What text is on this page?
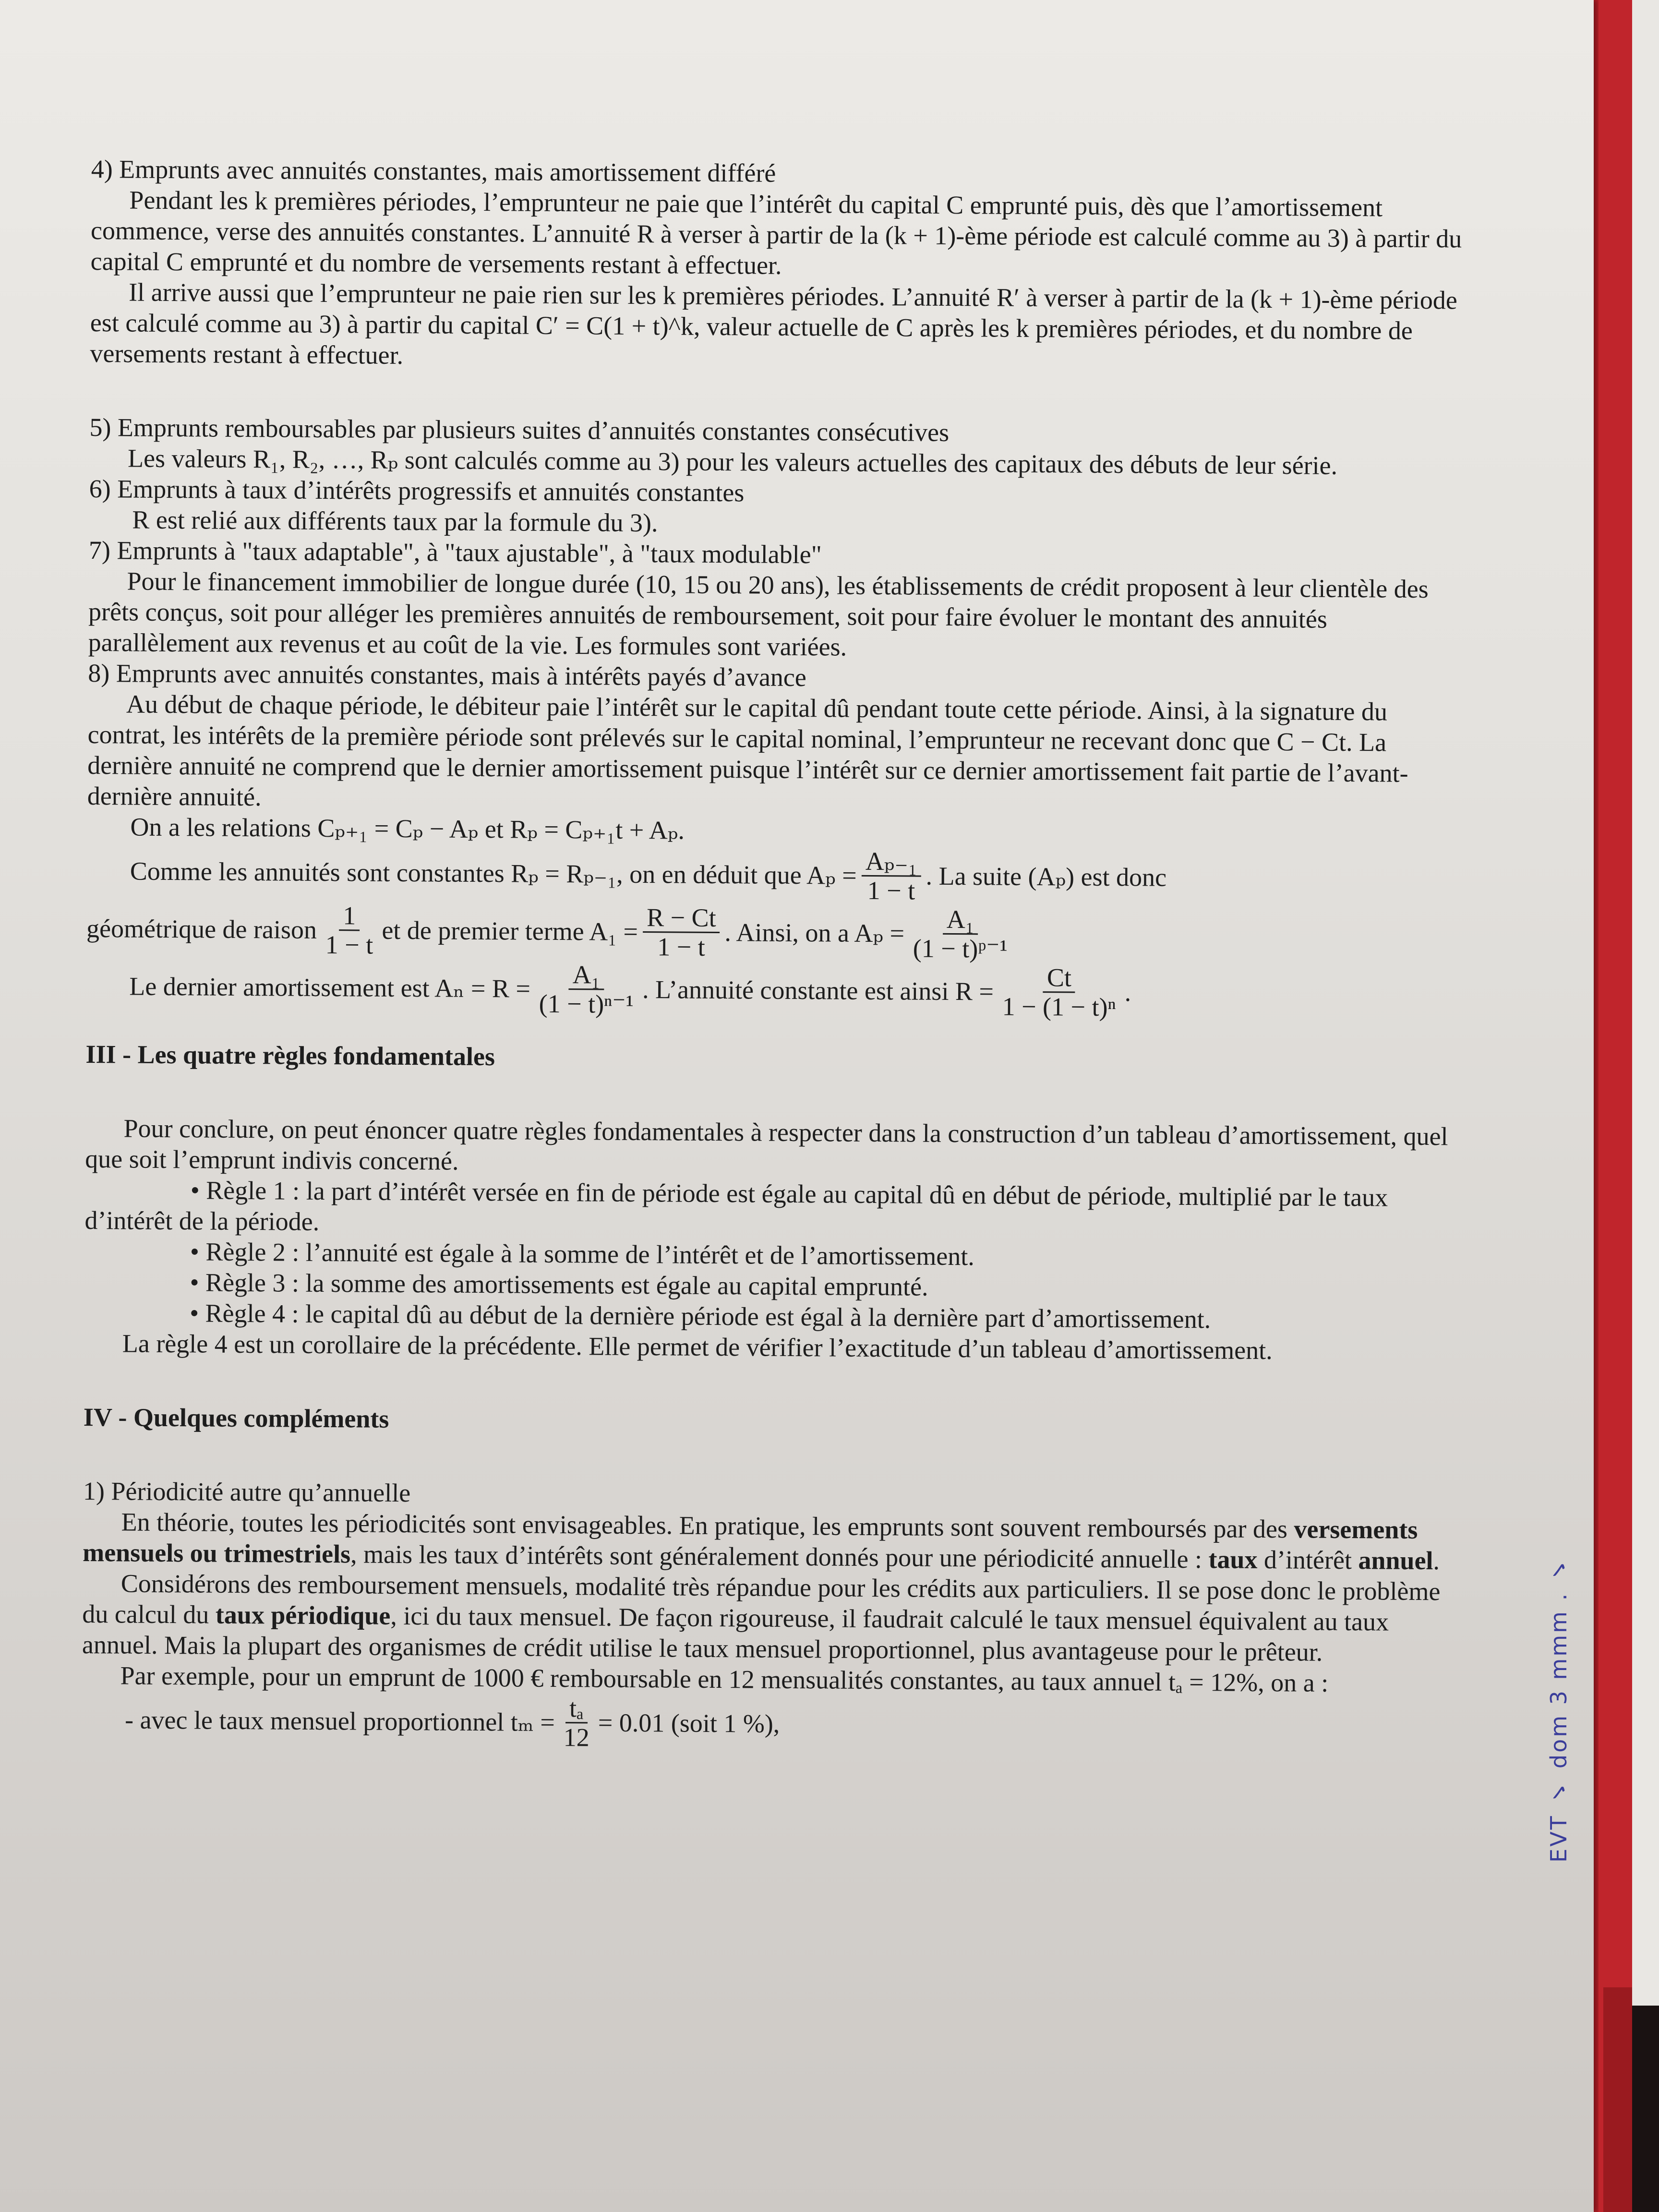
4) Emprunts avec annuités constantes, mais amortissement différé

Pendant les k premières périodes, l’emprunteur ne paie que l’intérêt du capital C emprunté puis, dès que l’amortissement commence, verse des annuités constantes. L’annuité R à verser à partir de la (k + 1)-ème période est calculé comme au 3) à partir du capital C emprunté et du nombre de versements restant à effectuer.

Il arrive aussi que l’emprunteur ne paie rien sur les k premières périodes. L’annuité R′ à verser à partir de la (k + 1)-ème période est calculé comme au 3) à partir du capital C′ = C(1 + t)^k, valeur actuelle de C après les k premières périodes, et du nombre de versements restant à effectuer.

5) Emprunts remboursables par plusieurs suites d’annuités constantes consécutives

Les valeurs R₁, R₂, …, Rₚ sont calculés comme au 3) pour les valeurs actuelles des capitaux des débuts de leur série.

6) Emprunts à taux d’intérêts progressifs et annuités constantes

R est relié aux différents taux par la formule du 3).

7) Emprunts à "taux adaptable", à "taux ajustable", à "taux modulable"

Pour le financement immobilier de longue durée (10, 15 ou 20 ans), les établissements de crédit proposent à leur clientèle des prêts conçus, soit pour alléger les premières annuités de remboursement, soit pour faire évoluer le montant des annuités parallèlement aux revenus et au coût de la vie. Les formules sont variées.

8) Emprunts avec annuités constantes, mais à intérêts payés d’avance

Au début de chaque période, le débiteur paie l’intérêt sur le capital dû pendant toute cette période. Ainsi, à la signature du contrat, les intérêts de la première période sont prélevés sur le capital nominal, l’emprunteur ne recevant donc que C − Ct. La dernière annuité ne comprend que le dernier amortissement puisque l’intérêt sur ce dernier amortissement fait partie de l’avant-dernière annuité.

On a les relations Cₚ₊₁ = Cₚ − Aₚ et Rₚ = Cₚ₊₁t + Aₚ.

Comme les annuités sont constantes Rₚ = Rₚ₋₁, on en déduit que $A_p = \frac{\text{Aₚ₋₁}}{1 - t}$ . La suite (Aₚ) est donc
géométrique de raison $\frac{1}{1 - t}$ et de premier terme $A_1 = \frac{R - Ct}{1 - t}$ . Ainsi, on a $A_p = \frac{\text{A₁}}{\text{(1 − t)ᵖ⁻¹}}$
Le dernier amortissement est $A_n = R = \frac{\text{A₁}}{\text{(1 − t)ⁿ⁻¹}}$ . L’annuité constante est ainsi $R = \frac{Ct}{\text{1 − (1 − t)ⁿ}}$ .

III - Les quatre règles fondamentales

Pour conclure, on peut énoncer quatre règles fondamentales à respecter dans la construction d’un tableau d’amortissement, quel que soit l’emprunt indivis concerné.

• Règle 1 : la part d’intérêt versée en fin de période est égale au capital dû en début de période, multiplié par le taux d’intérêt de la période.

• Règle 2 : l’annuité est égale à la somme de l’intérêt et de l’amortissement.

• Règle 3 : la somme des amortissements est égale au capital emprunté.

• Règle 4 : le capital dû au début de la dernière période est égal à la dernière part d’amortissement.

La règle 4 est un corollaire de la précédente. Elle permet de vérifier l’exactitude d’un tableau d’amortissement.

IV - Quelques compléments

1) Périodicité autre qu’annuelle

En théorie, toutes les périodicités sont envisageables. En pratique, les emprunts sont souvent remboursés par des versements mensuels ou trimestriels, mais les taux d’intérêts sont généralement donnés pour une périodicité annuelle : taux d’intérêt annuel.

Considérons des remboursement mensuels, modalité très répandue pour les crédits aux particuliers. Il se pose donc le problème du calcul du taux périodique, ici du taux mensuel. De façon rigoureuse, il faudrait calculé le taux mensuel équivalent au taux annuel. Mais la plupart des organismes de crédit utilise le taux mensuel proportionnel, plus avantageuse pour le prêteur.

Par exemple, pour un emprunt de 1000 € remboursable en 12 mensualités constantes, au taux annuel tₐ = 12%, on a :

- avec le taux mensuel proportionnel $t_m = \frac{\text{tₐ}}{12} = 0.01$ (soit 1 %),	EVT ✓ dom 3 mmm . ✓
